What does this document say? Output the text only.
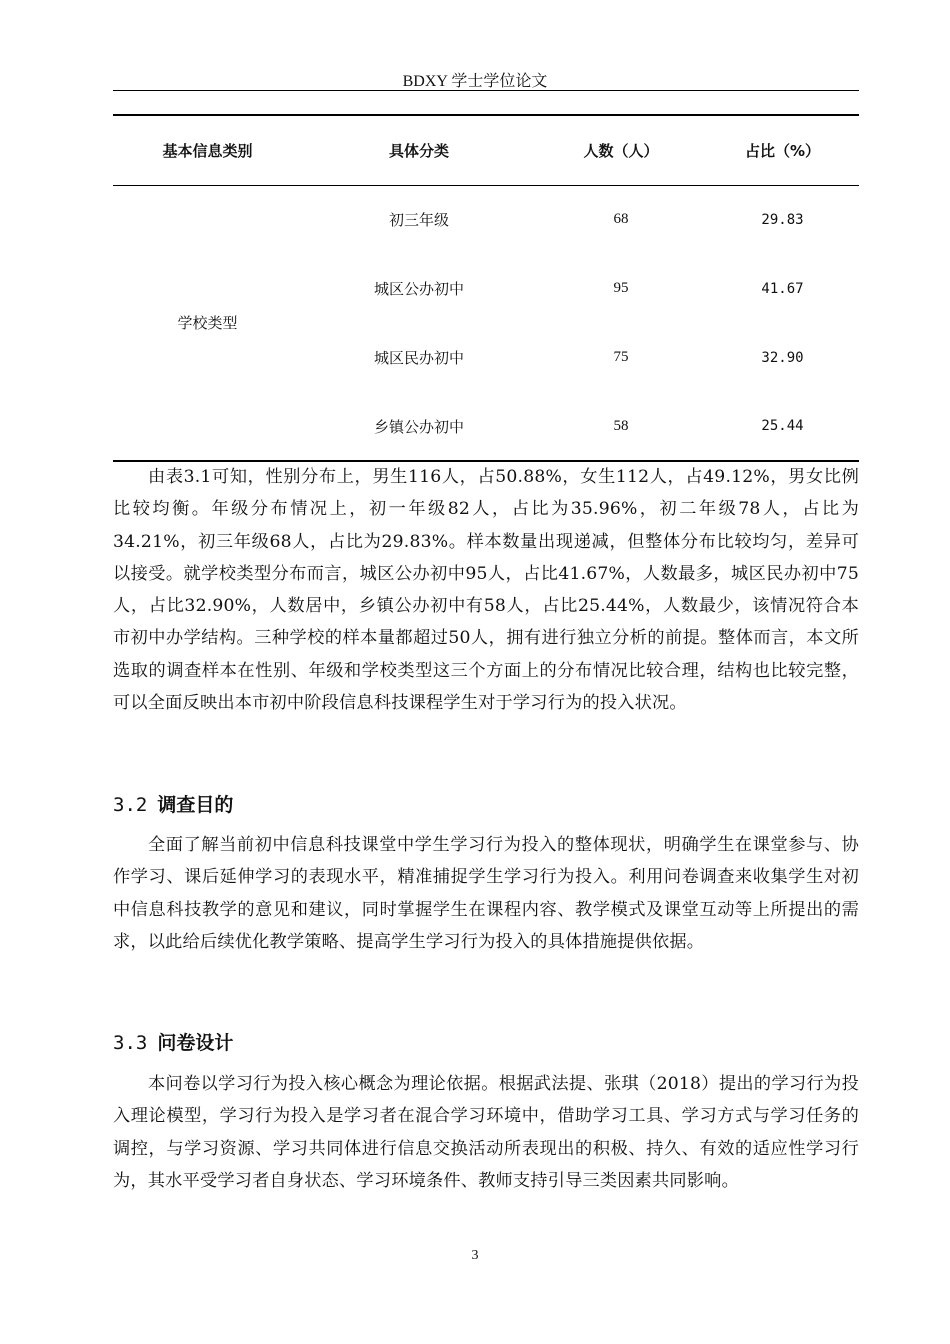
BDXY 学士学位论文
基本信息类别	具体分类	人数（人）	占比（%）
学校类型	初三年级	68	29.83
	城区公办初中	95	41.67
	城区民办初中	75	32.90
	乡镇公办初中	58	25.44

由表3.1可知，性别分布上，男生116人，占50.88%，女生112人，占49.12%，男女比例比较均衡。年级分布情况上，初一年级82人，占比为35.96%，初二年级78人，占比为34.21%，初三年级68人，占比为29.83%。样本数量出现递减，但整体分布比较均匀，差异可以接受。就学校类型分布而言，城区公办初中95人，占比41.67%，人数最多，城区民办初中75人，占比32.90%，人数居中，乡镇公办初中有58人，占比25.44%，人数最少，该情况符合本市初中办学结构。三种学校的样本量都超过50人，拥有进行独立分析的前提。整体而言，本文所选取的调查样本在性别、年级和学校类型这三个方面上的分布情况比较合理，结构也比较完整，可以全面反映出本市初中阶段信息科技课程学生对于学习行为的投入状况。

3.2 调查目的

全面了解当前初中信息科技课堂中学生学习行为投入的整体现状，明确学生在课堂参与、协作学习、课后延伸学习的表现水平，精准捕捉学生学习行为投入。利用问卷调查来收集学生对初中信息科技教学的意见和建议，同时掌握学生在课程内容、教学模式及课堂互动等上所提出的需求，以此给后续优化教学策略、提高学生学习行为投入的具体措施提供依据。

3.3 问卷设计

本问卷以学习行为投入核心概念为理论依据。根据武法提、张琪（2018）提出的学习行为投入理论模型，学习行为投入是学习者在混合学习环境中，借助学习工具、学习方式与学习任务的调控，与学习资源、学习共同体进行信息交换活动所表现出的积极、持久、有效的适应性学习行为，其水平受学习者自身状态、学习环境条件、教师支持引导三类因素共同影响。

3
